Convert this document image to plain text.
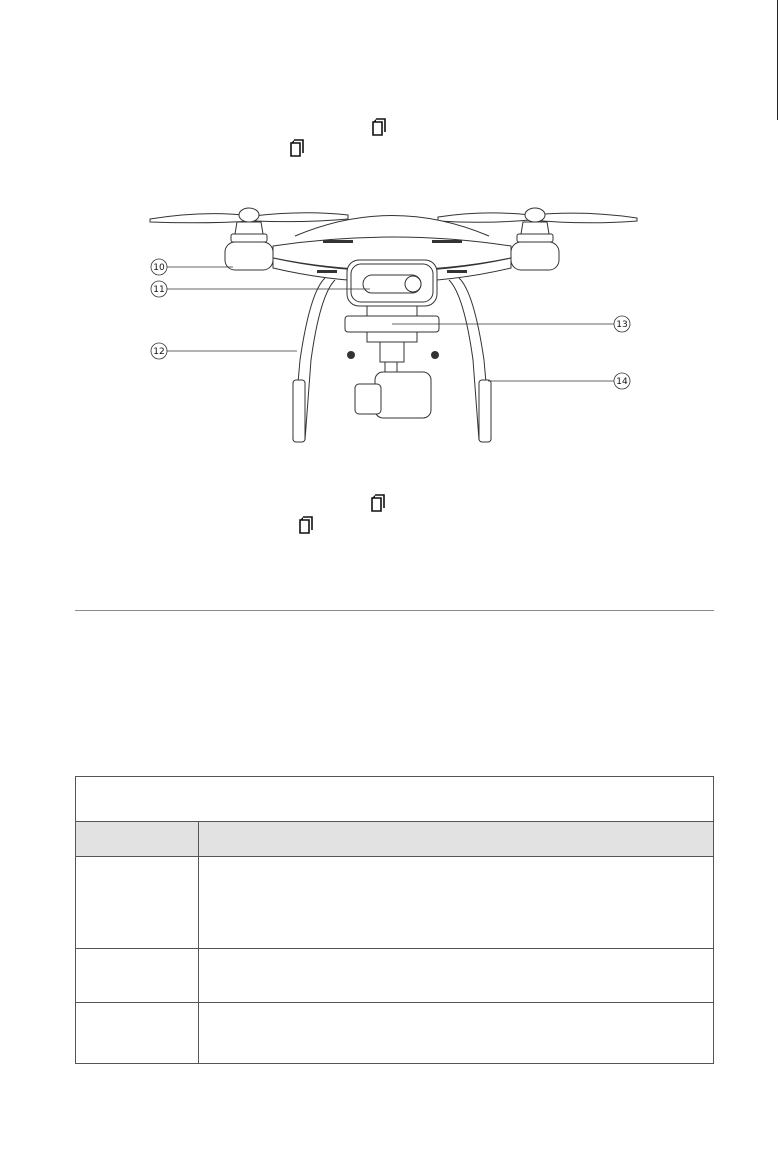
10
11
12
13
14
